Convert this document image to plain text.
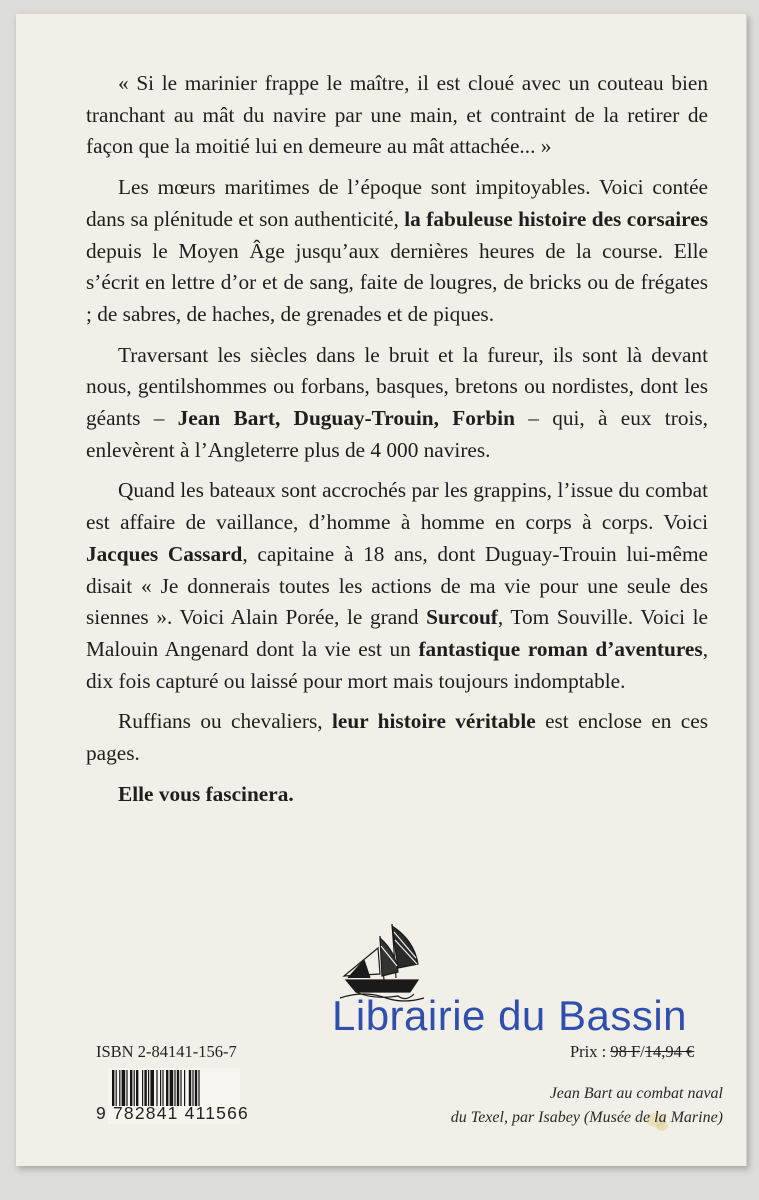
« Si le marinier frappe le maître, il est cloué avec un couteau bien tranchant au mât du navire par une main, et contraint de la retirer de façon que la moitié lui en demeure au mât attachée... »

Les mœurs maritimes de l’époque sont impitoyables. Voici contée dans sa plénitude et son authenticité, la fabuleuse histoire des corsaires depuis le Moyen Âge jusqu’aux dernières heures de la course. Elle s’écrit en lettre d’or et de sang, faite de lougres, de bricks ou de frégates ; de sabres, de haches, de grenades et de piques.

Traversant les siècles dans le bruit et la fureur, ils sont là devant nous, gentilshommes ou forbans, basques, bretons ou nordistes, dont les géants – Jean Bart, Duguay-Trouin, Forbin – qui, à eux trois, enlevèrent à l’Angleterre plus de 4 000 navires.

Quand les bateaux sont accrochés par les grappins, l’issue du combat est affaire de vaillance, d’homme à homme en corps à corps. Voici Jacques Cassard, capitaine à 18 ans, dont Duguay-Trouin lui-même disait « Je donnerais toutes les actions de ma vie pour une seule des siennes ». Voici Alain Porée, le grand Surcouf, Tom Souville. Voici le Malouin Angenard dont la vie est un fantastique roman d’aventures, dix fois capturé ou laissé pour mort mais toujours indomptable.

Ruffians ou chevaliers, leur histoire véritable est enclose en ces pages.

Elle vous fascinera.

Librairie du Bassin
ISBN 2-84141-156-7
9 782841 411566
Prix : 98 F/14,94 €
Jean Bart au combat naval
du Texel, par Isabey (Musée de la Marine)
